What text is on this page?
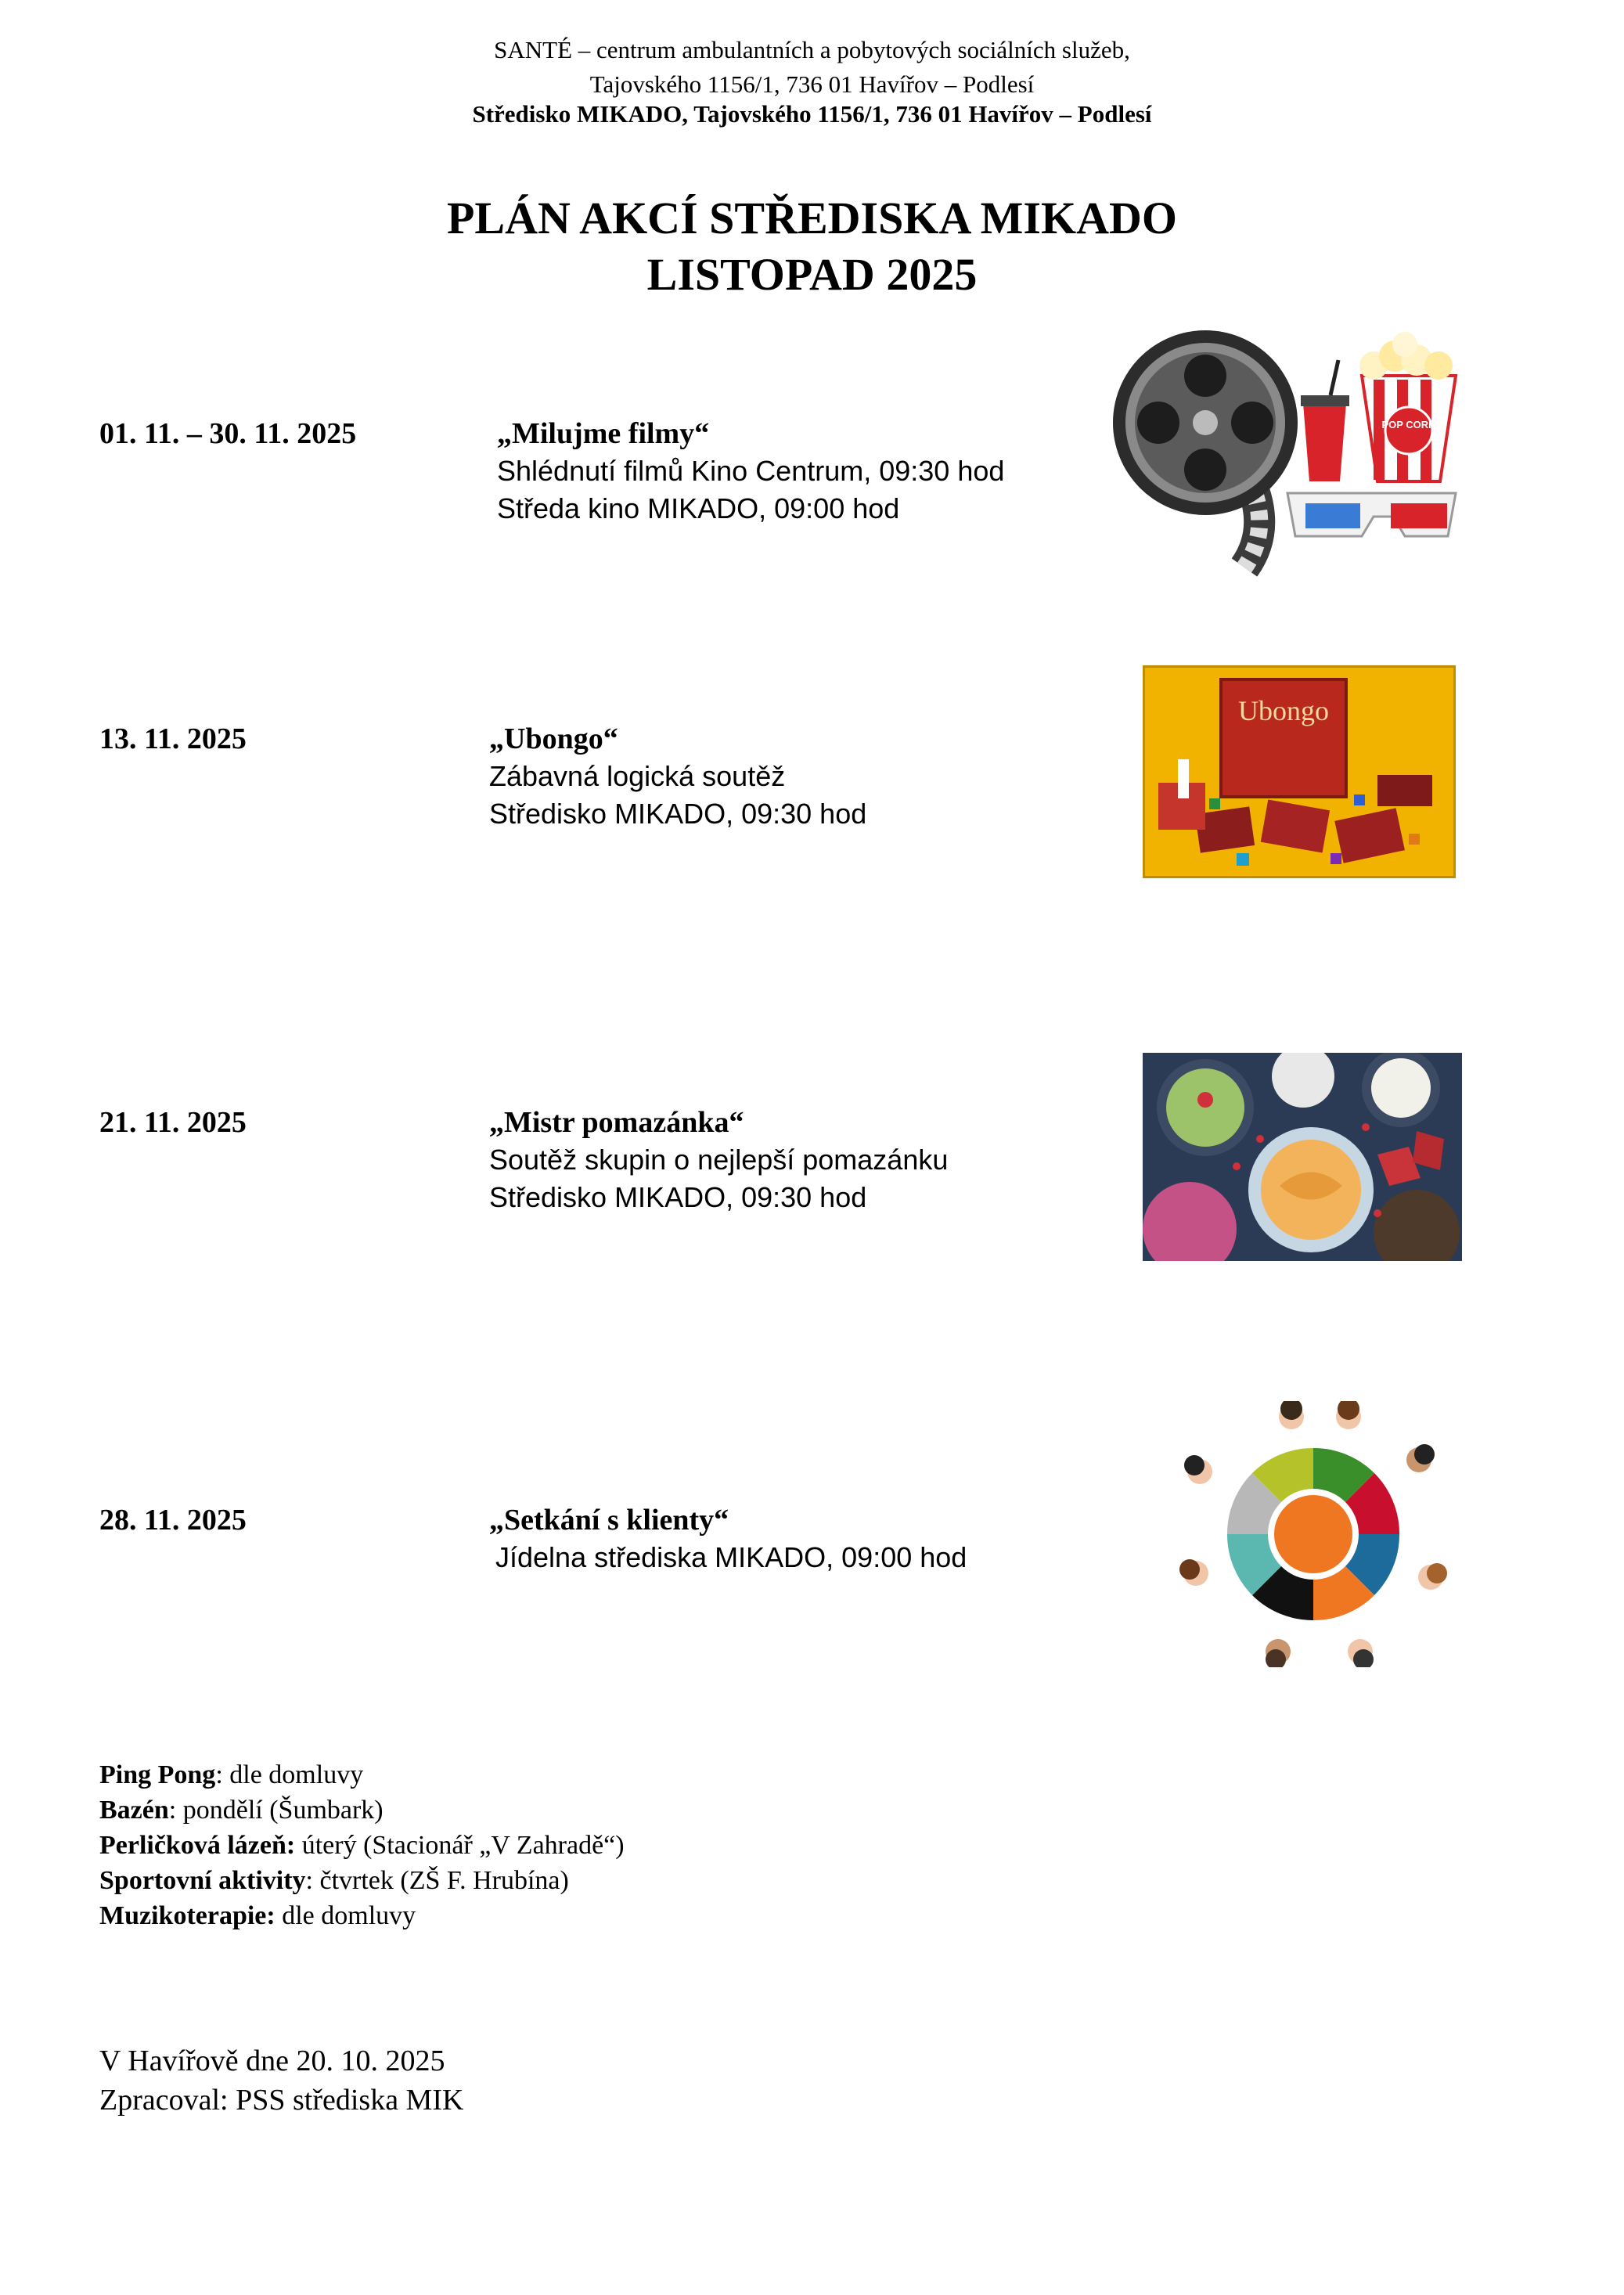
SANTÉ – centrum ambulantních a pobytových sociálních služeb,
Tajovského 1156/1, 736 01 Havířov – Podlesí
Středisko MIKADO, Tajovského 1156/1, 736 01 Havířov – Podlesí
PLÁN AKCÍ STŘEDISKA MIKADO
LISTOPAD 2025
01. 11. – 30. 11. 2025	„Milujme filmy“
Shlédnutí filmů Kino Centrum, 09:30 hod
Středa kino MIKADO, 09:00 hod
POP CORN
13. 11. 2025	„Ubongo“
Zábavná logická soutěž
Středisko MIKADO, 09:30 hod
Ubongo
21. 11. 2025	„Mistr pomazánka“
Soutěž skupin o nejlepší pomazánku
Středisko MIKADO, 09:30 hod
28. 11. 2025	„Setkání s klienty“
Jídelna střediska MIKADO, 09:00 hod
Ping Pong: dle domluvy
Bazén: pondělí (Šumbark)
Perličková lázeň: úterý (Stacionář „V Zahradě“)
Sportovní aktivity: čtvrtek (ZŠ F. Hrubína)
Muzikoterapie: dle domluvy
V Havířově dne 20. 10. 2025
Zpracoval: PSS střediska MIK
